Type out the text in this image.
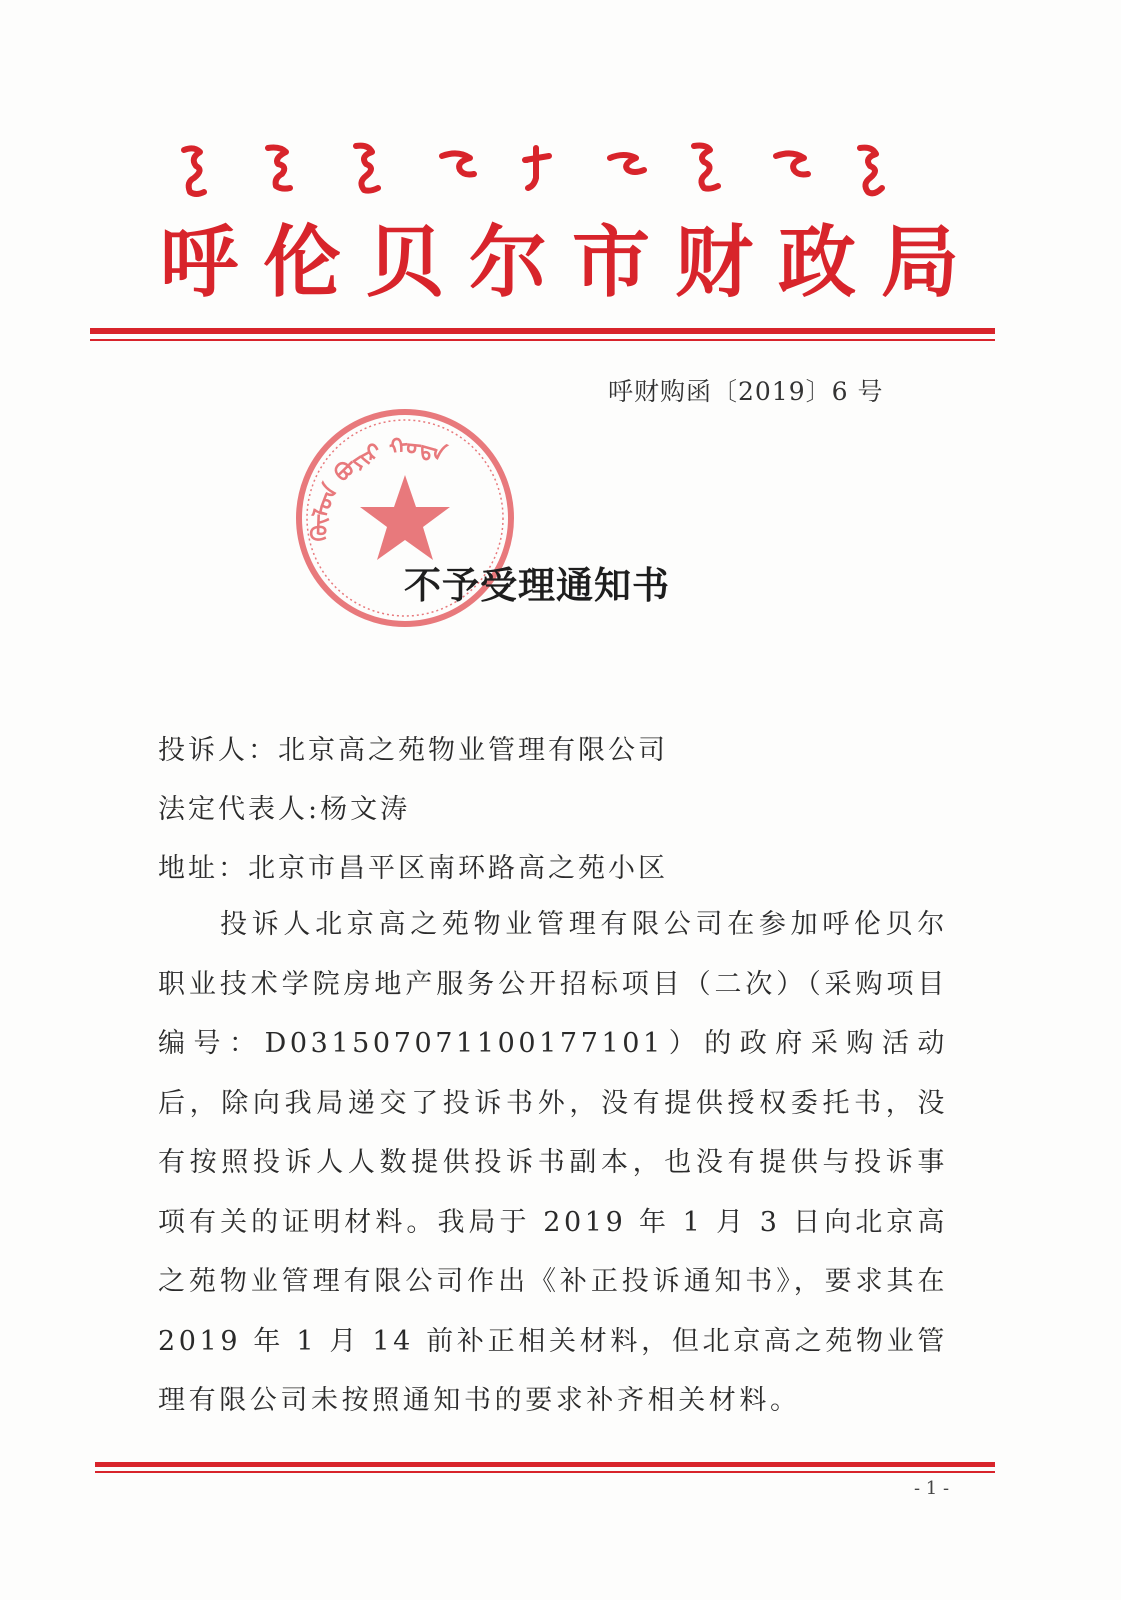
呼伦贝尔市财政局
呼财购函〔2019〕6 号
ᠬᠥᠯᠦᠨ ᠪᠤᠶᠢᠷ ᠬᠣᠲᠠ
不予受理通知书
投诉人：北京高之苑物业管理有限公司
法定代表人:杨文涛
地址：北京市昌平区南环路高之苑小区

投诉人北京高之苑物业管理有限公司在参加呼伦贝尔职业技术学院房地产服务公开招标项目（二次）（采购项目编号：D031507071100177101）的政府采购活动后，除向我局递交了投诉书外，没有提供授权委托书，没有按照投诉人人数提供投诉书副本，也没有提供与投诉事项有关的证明材料。我局于 2019 年 1 月 3 日向北京高之苑物业管理有限公司作出《补正投诉通知书》，要求其在 2019 年 1 月 14 前补正相关材料，但北京高之苑物业管理有限公司未按照通知书的要求补齐相关材料。

- 1 -
